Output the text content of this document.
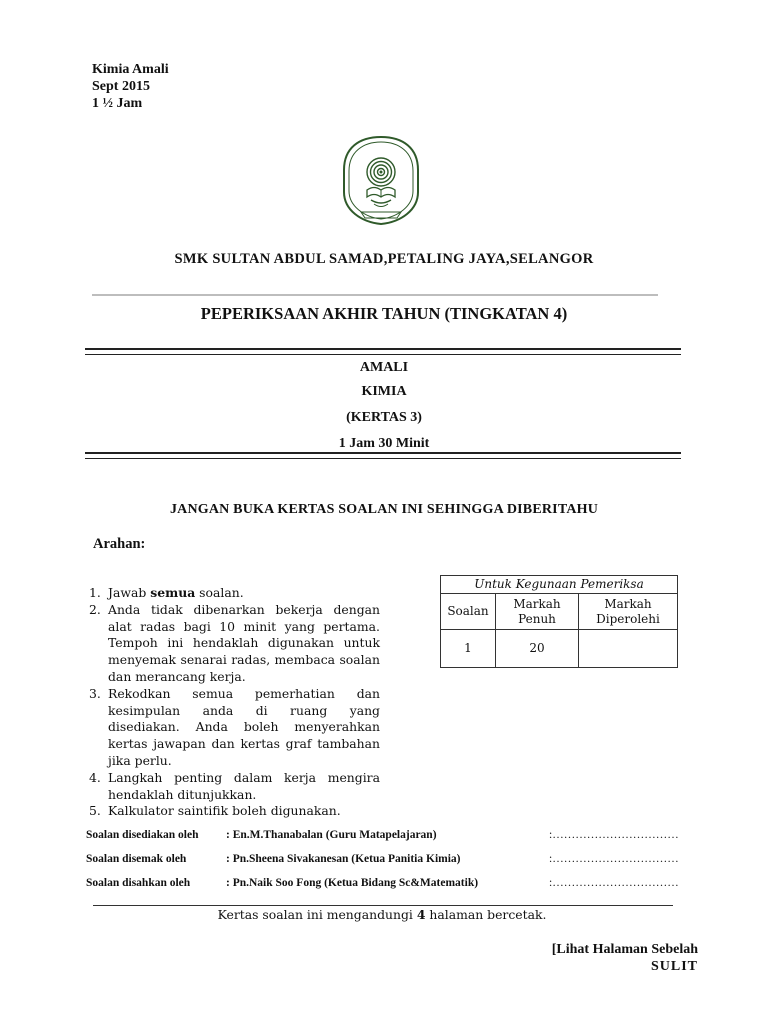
Kimia Amali
Sept 2015
1 ½ Jam
SMK SULTAN ABDUL SAMAD,PETALING JAYA,SELANGOR
PEPERIKSAAN AKHIR TAHUN (TINGKATAN 4)
AMALI
KIMIA
(KERTAS 3)
1 Jam 30 Minit
JANGAN BUKA KERTAS SOALAN INI SEHINGGA DIBERITAHU
Arahan:
1. Jawab semua soalan.
2. Anda tidak dibenarkan bekerja dengan alat radas bagi 10 minit yang pertama. Tempoh ini hendaklah digunakan untuk menyemak senarai radas, membaca soalan dan merancang kerja.
3. Rekodkan semua pemerhatian dan kesimpulan anda di ruang yang disediakan. Anda boleh menyerahkan kertas jawapan dan kertas graf tambahan jika perlu.
4. Langkah penting dalam kerja mengira hendaklah ditunjukkan.
5. Kalkulator saintifik boleh digunakan.
Untuk Kegunaan Pemeriksa		
Soalan	Markah Penuh	Markah Diperolehi
1	20	
Soalan disediakan oleh : En.M.Thanabalan (Guru Matapelajaran)	:……………………………
Soalan disemak oleh	: Pn.Sheena Sivakanesan (Ketua Panitia Kimia)	:……………………………
Soalan disahkan oleh	: Pn.Naik Soo Fong (Ketua Bidang Sc&Matematik)	:……………………………
Kertas soalan ini mengandungi 4 halaman bercetak.
[Lihat Halaman Sebelah
SULIT
